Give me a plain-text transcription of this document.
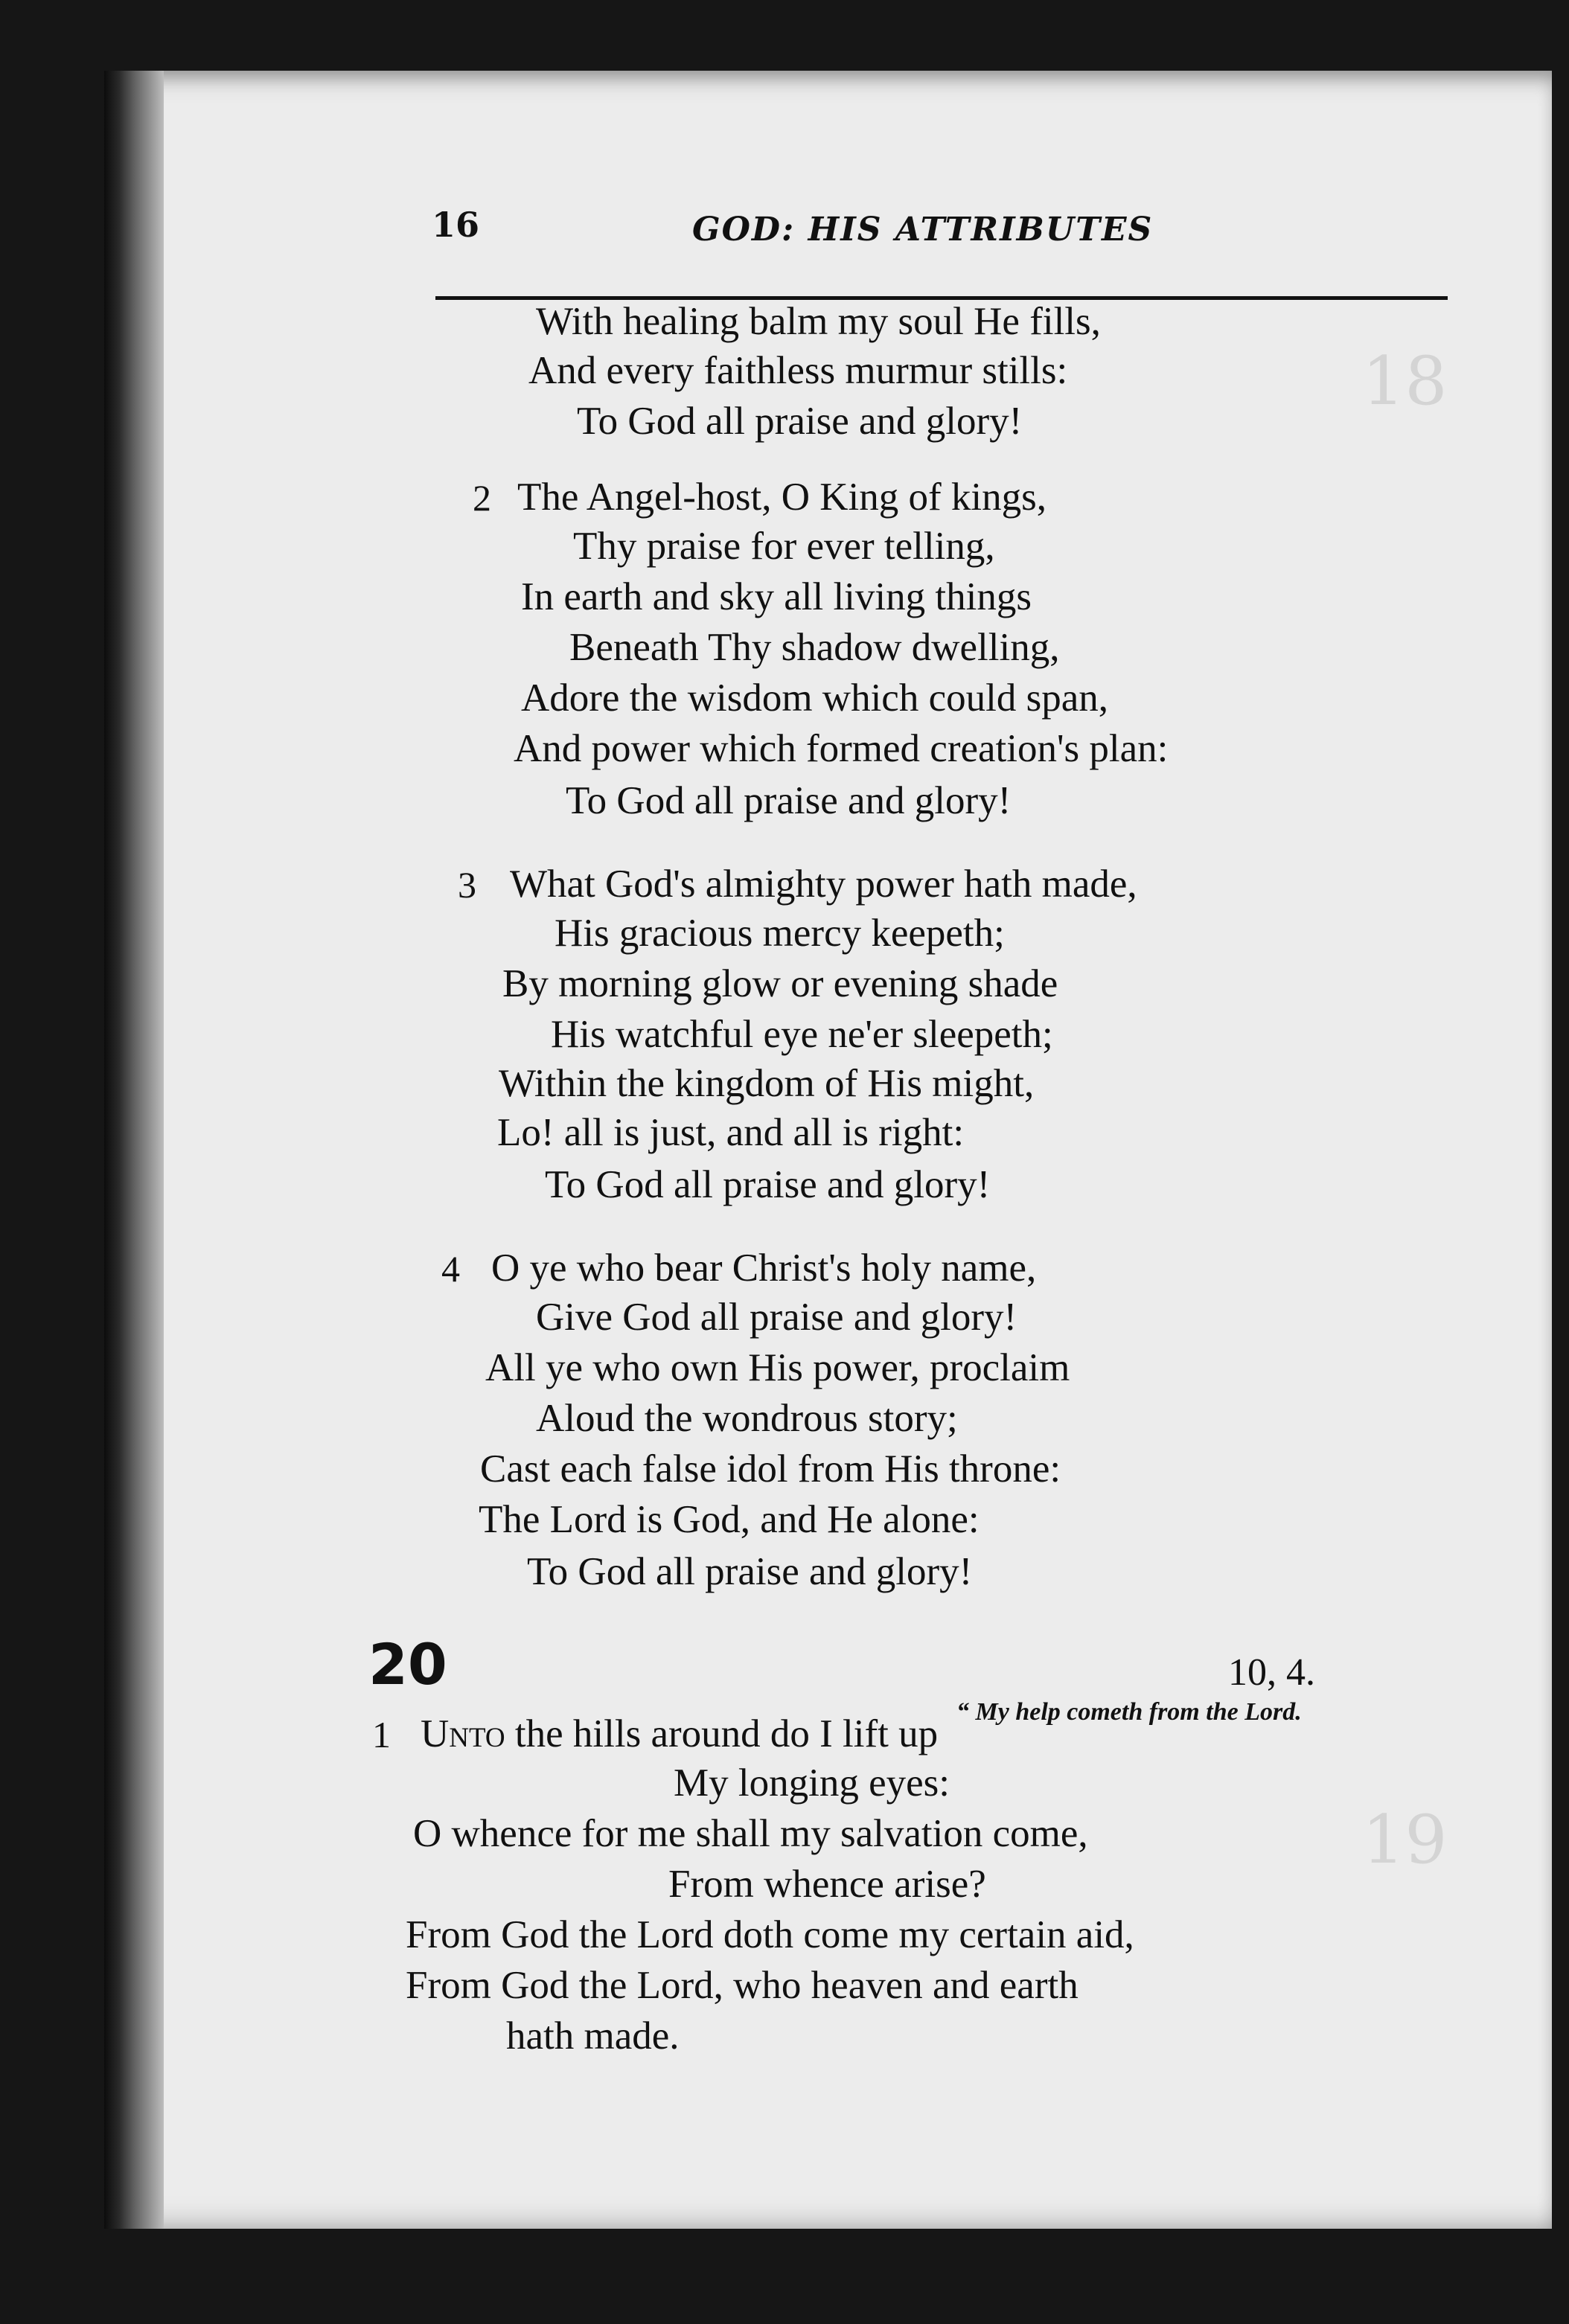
18
19
16	GOD: HIS ATTRIBUTES
With healing balm my soul He fills,
And every faithless murmur stills:
To God all praise and glory!
2 The Angel-host, O King of kings,
Thy praise for ever telling,
In earth and sky all living things
Beneath Thy shadow dwelling,
Adore the wisdom which could span,
And power which formed creation's plan:
To God all praise and glory!
3 What God's almighty power hath made,
His gracious mercy keepeth;
By morning glow or evening shade
His watchful eye ne'er sleepeth;
Within the kingdom of His might,
Lo! all is just, and all is right:
To God all praise and glory!
4 O ye who bear Christ's holy name,
Give God all praise and glory!
All ye who own His power, proclaim
Aloud the wondrous story;
Cast each false idol from His throne:
The Lord is God, and He alone:
To God all praise and glory!
20	10, 4.
“ My help cometh from the Lord.
1 Unto the hills around do I lift up
My longing eyes:
O whence for me shall my salvation come,
From whence arise?
From God the Lord doth come my certain aid,
From God the Lord, who heaven and earth
hath made.
